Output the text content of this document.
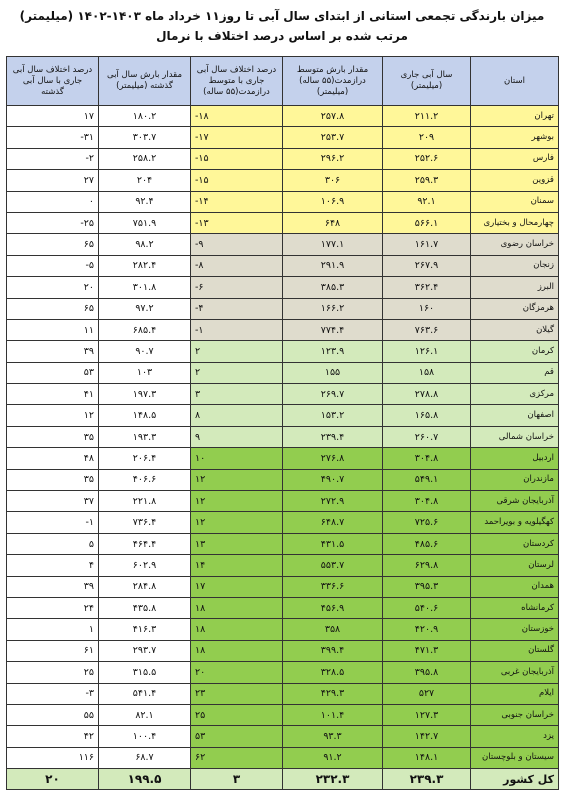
میزان بارندگی تجمعی استانی از ابتدای سال آبی تا روز۱۱ خرداد ماه ۱۴۰۳-۱۴۰۲ (میلیمتر)
مرتب شده بر اساس درصد اختلاف با نرمال
استان	سال آبی جاری (میلیمتر)	مقدار بارش متوسط درازمدت(۵۵ ساله) (میلیمتر)	درصد اختلاف سال آبی جاری با متوسط درازمدت(۵۵ ساله)	مقدار بارش سال آبی گذشته (میلیمتر)	درصد اختلاف سال آبی جاری با سال آبی گذشته
تهران	۲۱۱.۲	۲۵۷.۸	-۱۸	۱۸۰.۲	۱۷
بوشهر	۲۰۹	۲۵۳.۷	-۱۷	۳۰۳.۷	-۳۱
فارس	۲۵۲.۶	۲۹۶.۲	-۱۵	۲۵۸.۲	-۲
قزوین	۲۵۹.۳	۳۰۶	-۱۵	۲۰۴	۲۷
سمنان	۹۲.۱	۱۰۶.۹	-۱۴	۹۲.۴	۰
چهارمحال و بختیاری	۵۶۶.۱	۶۴۸	-۱۳	۷۵۱.۹	-۲۵
خراسان رضوی	۱۶۱.۷	۱۷۷.۱	-۹	۹۸.۲	۶۵
زنجان	۲۶۷.۹	۲۹۱.۹	-۸	۲۸۲.۴	-۵
البرز	۳۶۲.۴	۳۸۵.۳	-۶	۳۰۱.۸	۲۰
هرمزگان	۱۶۰	۱۶۶.۲	-۴	۹۷.۲	۶۵
گیلان	۷۶۳.۶	۷۷۴.۴	-۱	۶۸۵.۴	۱۱
کرمان	۱۲۶.۱	۱۲۳.۹	۲	۹۰.۷	۳۹
قم	۱۵۸	۱۵۵	۲	۱۰۳	۵۳
مرکزی	۲۷۸.۸	۲۶۹.۷	۳	۱۹۷.۳	۴۱
اصفهان	۱۶۵.۸	۱۵۳.۲	۸	۱۴۸.۵	۱۲
خراسان شمالی	۲۶۰.۷	۲۳۹.۴	۹	۱۹۳.۳	۳۵
اردبیل	۳۰۴.۸	۲۷۶.۸	۱۰	۲۰۶.۴	۴۸
مازندران	۵۴۹.۱	۴۹۰.۷	۱۲	۴۰۶.۶	۳۵
آذربایجان شرقی	۳۰۴.۸	۲۷۲.۹	۱۲	۲۲۱.۸	۳۷
کهگیلویه و بویراحمد	۷۲۵.۶	۶۴۸.۷	۱۲	۷۳۶.۴	-۱
کردستان	۴۸۵.۶	۴۳۱.۵	۱۳	۴۶۴.۴	۵
لرستان	۶۲۹.۸	۵۵۳.۷	۱۴	۶۰۲.۹	۴
همدان	۳۹۵.۳	۳۳۶.۶	۱۷	۲۸۴.۸	۳۹
کرمانشاه	۵۴۰.۶	۴۵۶.۹	۱۸	۴۳۵.۸	۲۴
خوزستان	۴۲۰.۹	۳۵۸	۱۸	۴۱۶.۳	۱
گلستان	۴۷۱.۳	۳۹۹.۴	۱۸	۲۹۳.۷	۶۱
آذربایجان غربی	۳۹۵.۸	۳۲۸.۵	۲۰	۳۱۵.۵	۲۵
ایلام	۵۲۷	۴۲۹.۳	۲۳	۵۴۱.۴	-۳
خراسان جنوبی	۱۲۷.۳	۱۰۱.۴	۲۵	۸۲.۱	۵۵
یزد	۱۴۲.۷	۹۳.۳	۵۳	۱۰۰.۴	۴۲
سیستان و بلوچستان	۱۴۸.۱	۹۱.۲	۶۲	۶۸.۷	۱۱۶
کل کشور	۲۳۹.۳	۲۳۲.۳	۳	۱۹۹.۵	۲۰
